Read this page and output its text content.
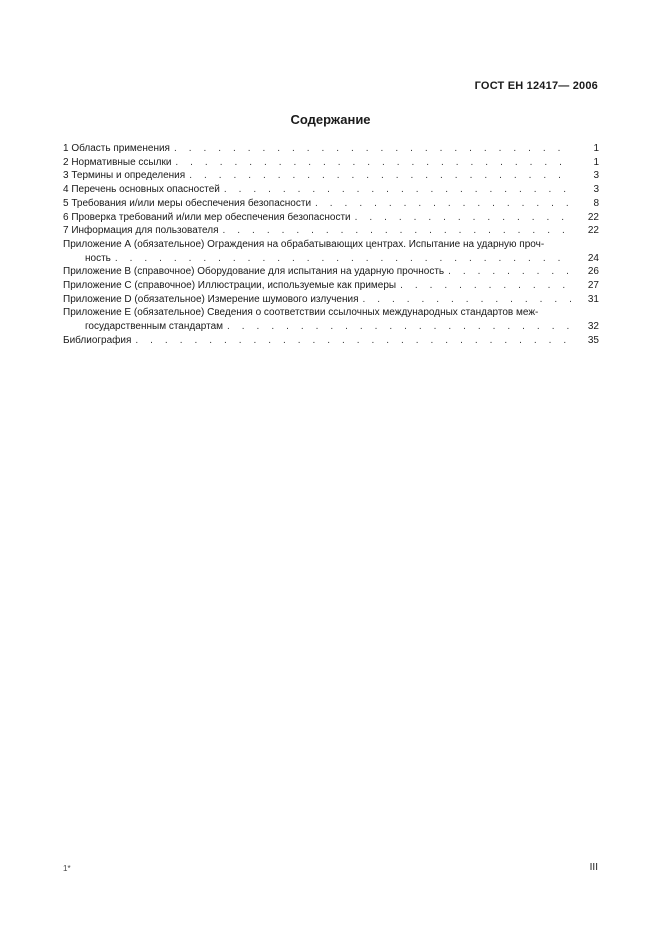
ГОСТ ЕН 12417— 2006
Содержание
1 Область применения . . .	1
2 Нормативные ссылки . . .	1
3 Термины и определения . . .	3
4 Перечень основных опасностей . . .	3
5 Требования и/или меры обеспечения безопасности . . .	8
6 Проверка требований и/или мер обеспечения безопасности . . .	22
7 Информация для пользователя . . .	22
Приложение А (обязательное) Ограждения на обрабатывающих центрах. Испытание на ударную проч-
ность . . .	24
Приложение В (справочное) Оборудование для испытания на ударную прочность . . .	26
Приложение С (справочное) Иллюстрации, используемые как примеры . . .	27
Приложение D (обязательное) Измерение шумового излучения . . .	31
Приложение Е (обязательное) Сведения о соответствии ссылочных международных стандартов меж-
государственным стандартам . . .	32
Библиография . . .	35
1*	III
